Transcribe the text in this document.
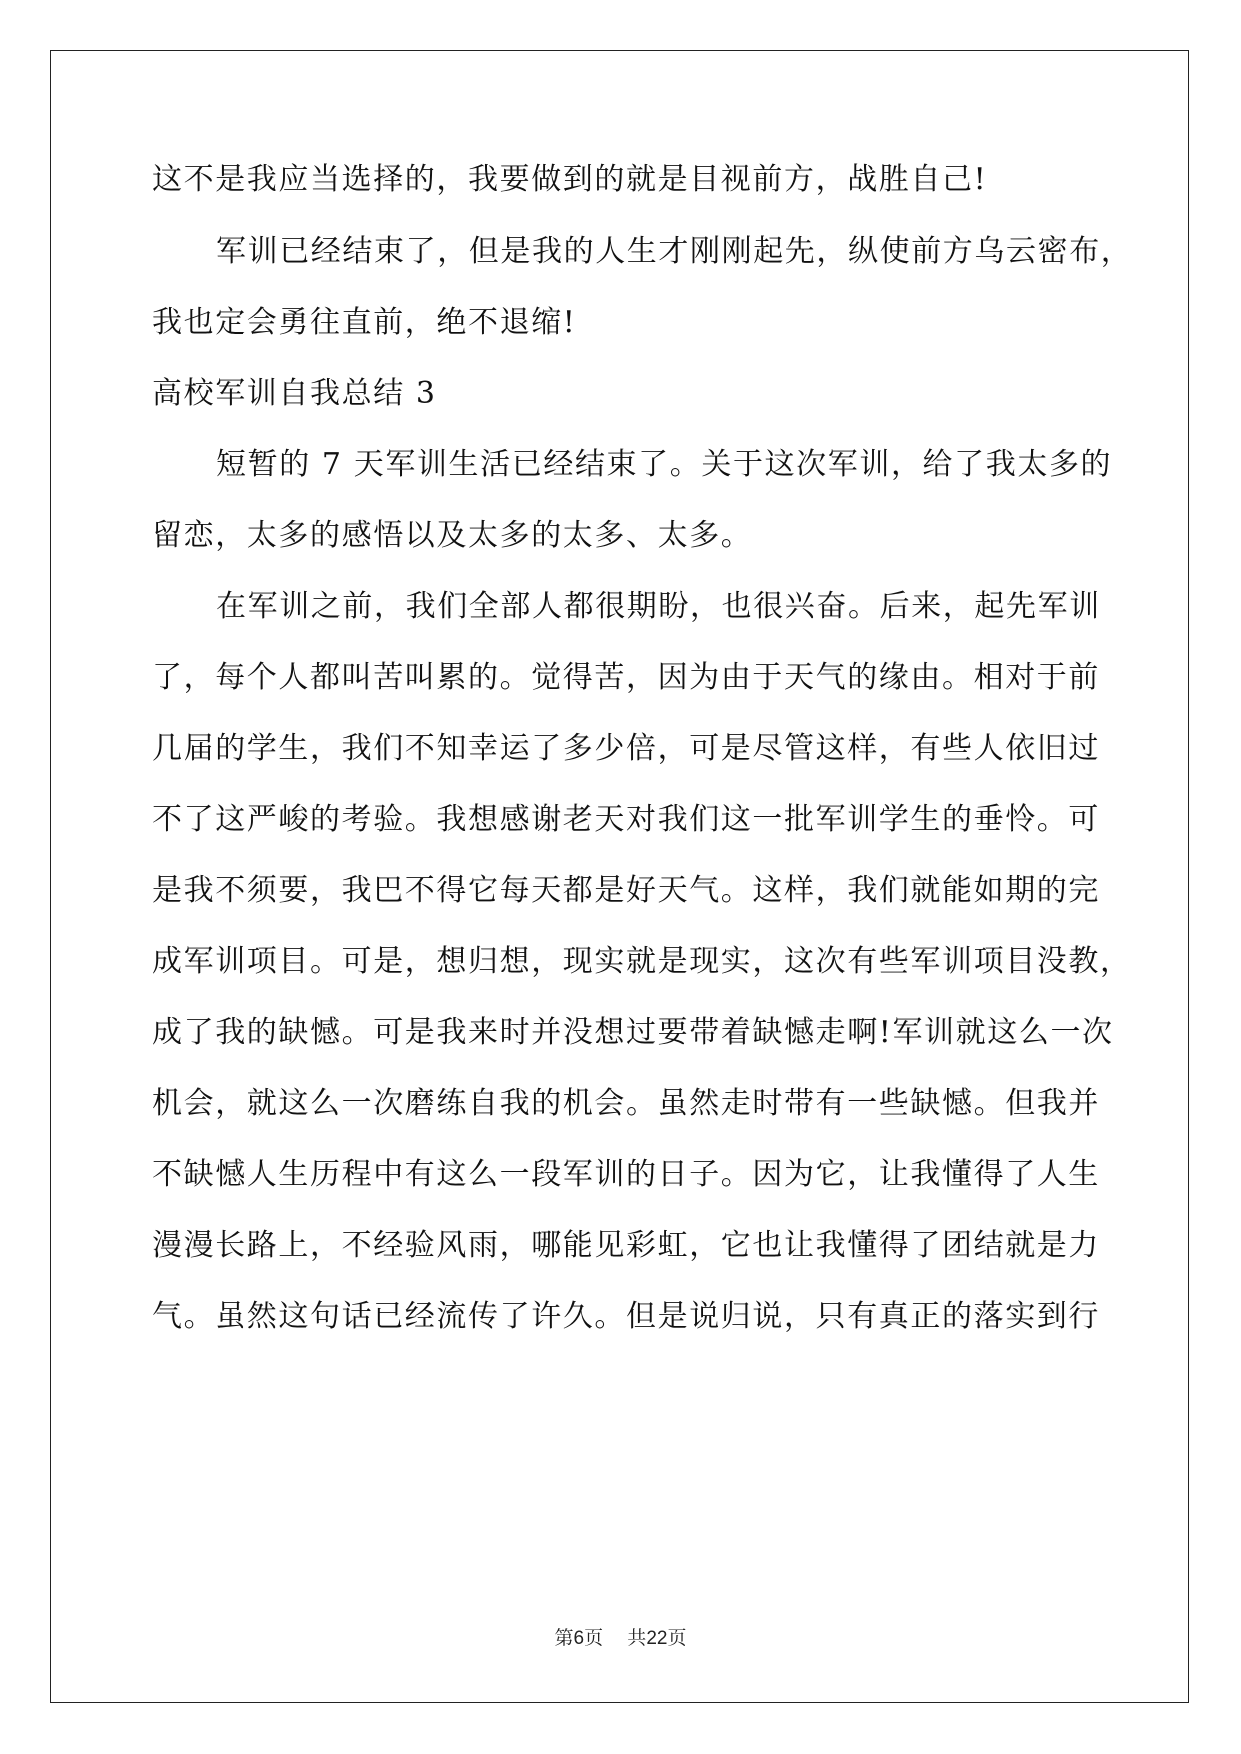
这不是我应当选择的，我要做到的就是目视前方，战胜自己!
军训已经结束了，但是我的人生才刚刚起先，纵使前方乌云密布，
我也定会勇往直前，绝不退缩!
高校军训自我总结 3
短暂的 7 天军训生活已经结束了。关于这次军训，给了我太多的
留恋，太多的感悟以及太多的太多、太多。
在军训之前，我们全部人都很期盼，也很兴奋。后来，起先军训
了，每个人都叫苦叫累的。觉得苦，因为由于天气的缘由。相对于前
几届的学生，我们不知幸运了多少倍，可是尽管这样，有些人依旧过
不了这严峻的考验。我想感谢老天对我们这一批军训学生的垂怜。可
是我不须要，我巴不得它每天都是好天气。这样，我们就能如期的完
成军训项目。可是，想归想，现实就是现实，这次有些军训项目没教，
成了我的缺憾。可是我来时并没想过要带着缺憾走啊!军训就这么一次
机会，就这么一次磨练自我的机会。虽然走时带有一些缺憾。但我并
不缺憾人生历程中有这么一段军训的日子。因为它，让我懂得了人生
漫漫长路上，不经验风雨，哪能见彩虹，它也让我懂得了团结就是力
气。虽然这句话已经流传了许久。但是说归说，只有真正的落实到行
第6页 共22页
